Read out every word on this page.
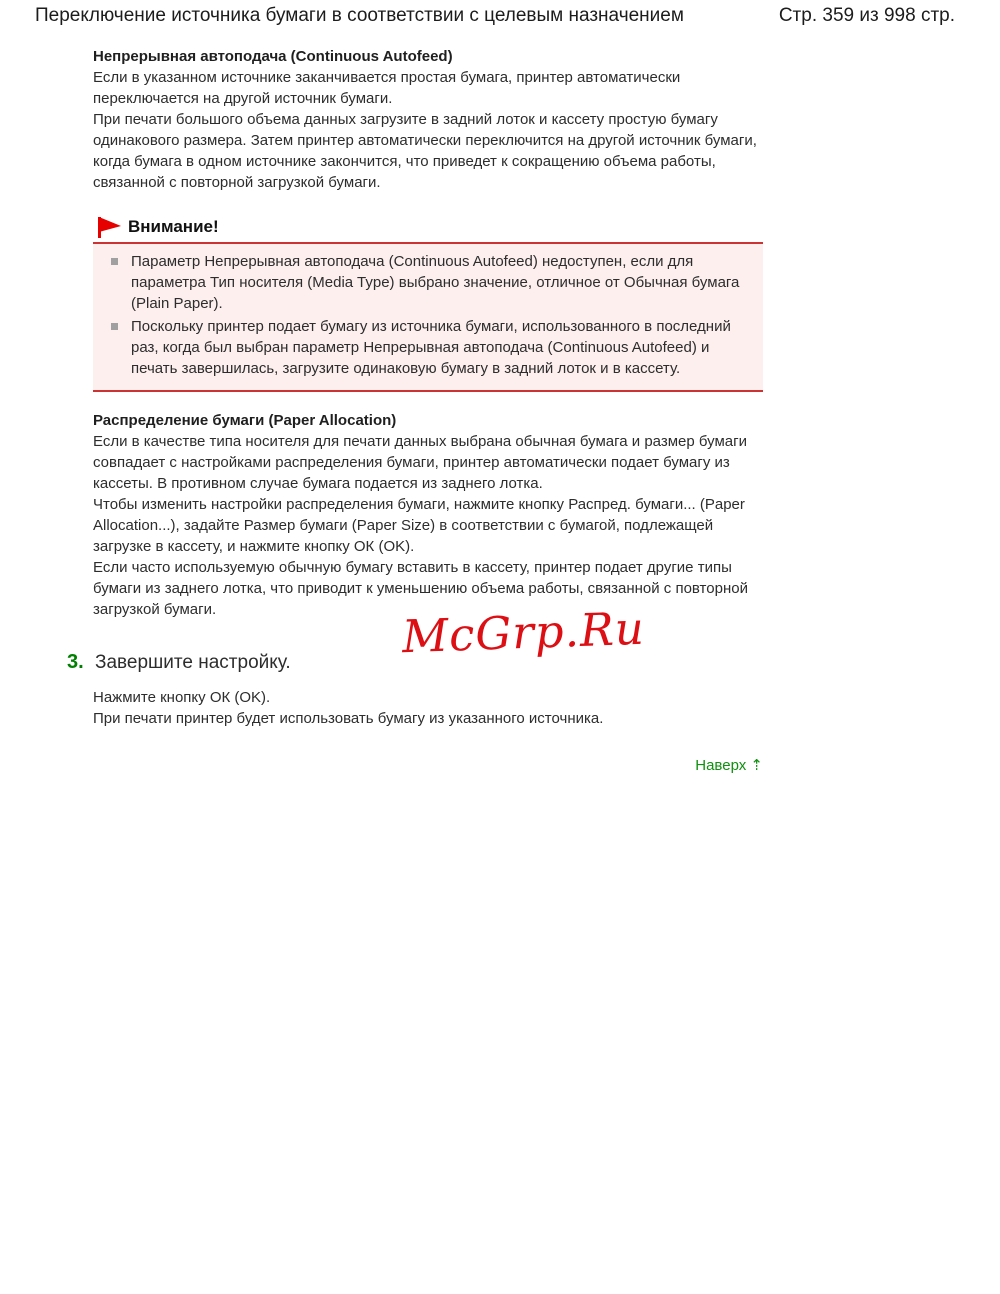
Переключение источника бумаги в соответствии с целевым назначением	Стр. 359 из 998 стр.
Непрерывная автоподача (Continuous Autofeed)

Если в указанном источнике заканчивается простая бумага, принтер автоматически переключается на другой источник бумаги.

При печати большого объема данных загрузите в задний лоток и кассету простую бумагу одинакового размера. Затем принтер автоматически переключится на другой источник бумаги, когда бумага в одном источнике закончится, что приведет к сокращению объема работы, связанной с повторной загрузкой бумаги.

Внимание!
Параметр Непрерывная автоподача (Continuous Autofeed) недоступен, если для параметра Тип носителя (Media Type) выбрано значение, отличное от Обычная бумага (Plain Paper).
Поскольку принтер подает бумагу из источника бумаги, использованного в последний раз, когда был выбран параметр Непрерывная автоподача (Continuous Autofeed) и печать завершилась, загрузите одинаковую бумагу в задний лоток и в кассету.
Распределение бумаги (Paper Allocation)

Если в качестве типа носителя для печати данных выбрана обычная бумага и размер бумаги совпадает с настройками распределения бумаги, принтер автоматически подает бумагу из кассеты. В противном случае бумага подается из заднего лотка.

Чтобы изменить настройки распределения бумаги, нажмите кнопку Распред. бумаги... (Paper Allocation...), задайте Размер бумаги (Paper Size) в соответствии с бумагой, подлежащей загрузке в кассету, и нажмите кнопку ОК (OK).

Если часто используемую обычную бумагу вставить в кассету, принтер подает другие типы бумаги из заднего лотка, что приводит к уменьшению объема работы, связанной с повторной загрузкой бумаги.

3. Завершите настройку.
Нажмите кнопку ОК (OK).
При печати принтер будет использовать бумагу из указанного источника.
Наверх ⇡
McGrp.Ru
